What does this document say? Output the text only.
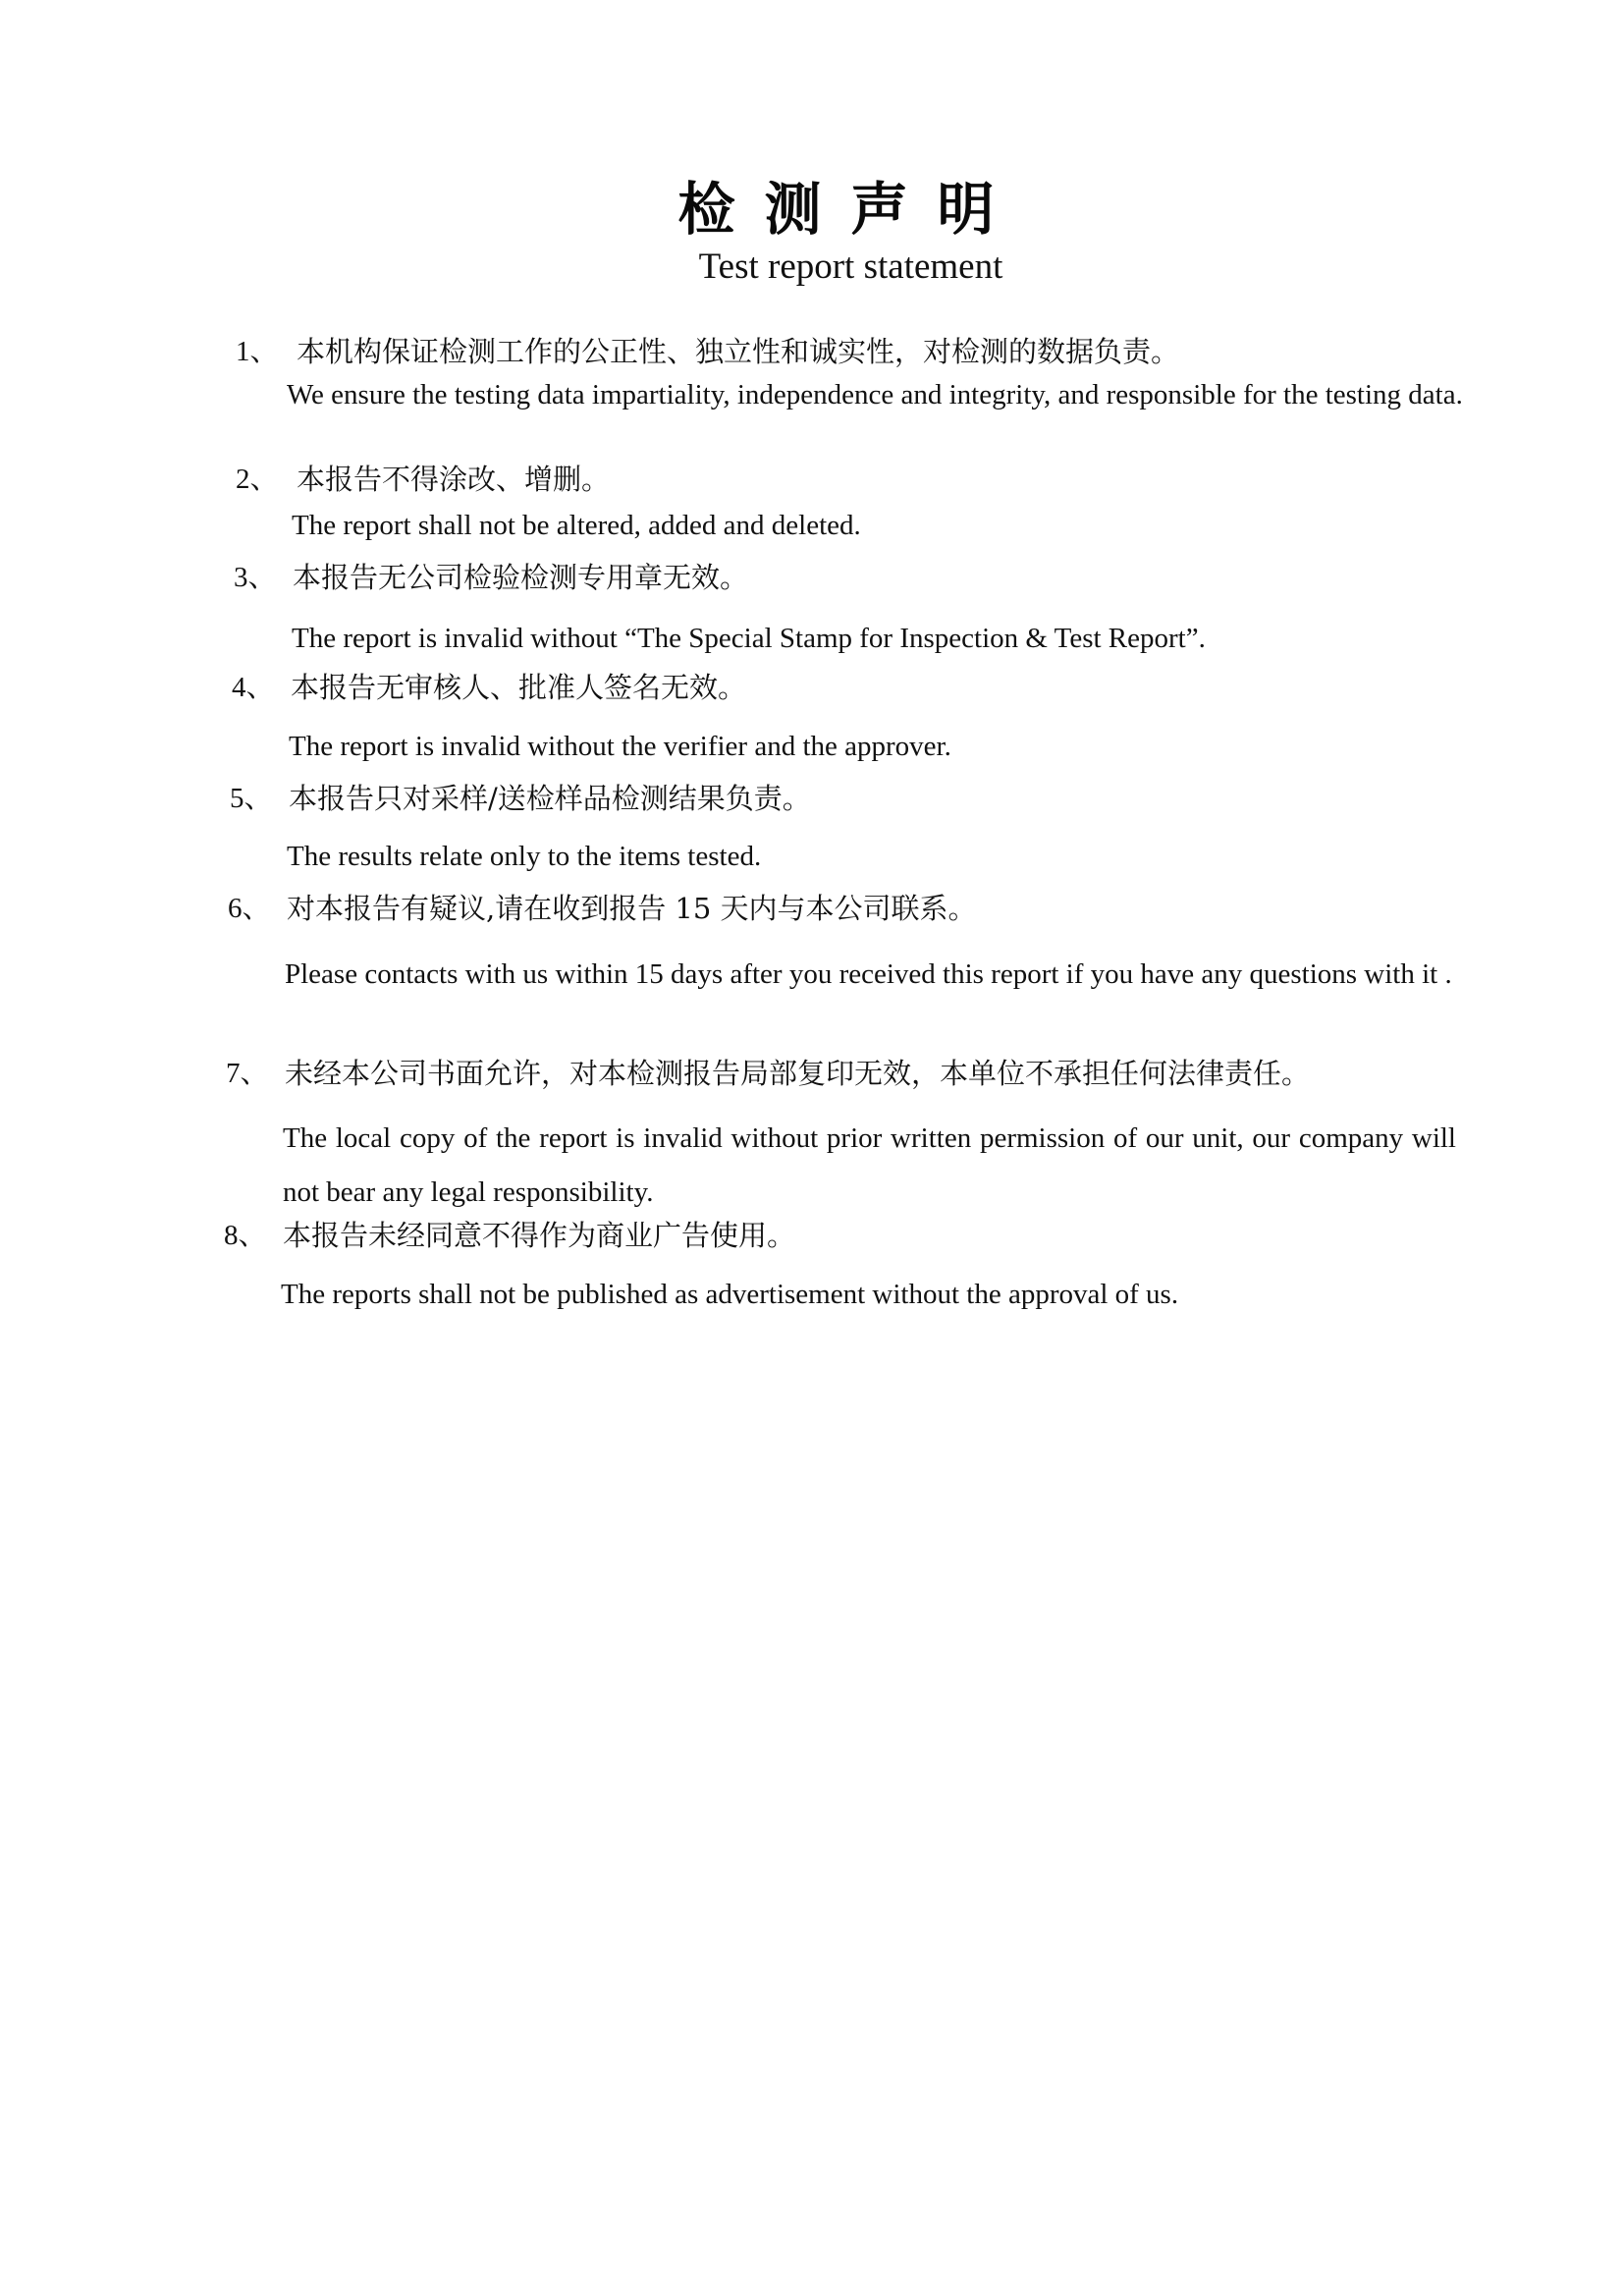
检测声明
Test report statement
1、 本机构保证检测工作的公正性、独立性和诚实性，对检测的数据负责。
We ensure the testing data impartiality, independence and integrity, and responsible for the testing data.
2、 本报告不得涂改、增删。
The report shall not be altered, added and deleted.
3、 本报告无公司检验检测专用章无效。
The report is invalid without “The Special Stamp for Inspection & Test Report”.
4、 本报告无审核人、批准人签名无效。
The report is invalid without the verifier and the approver.
5、 本报告只对采样/送检样品检测结果负责。
The results relate only to the items tested.
6、 对本报告有疑议,请在收到报告 15 天内与本公司联系。
Please contacts with us within 15 days after you received this report if you have any questions with it .
7、 未经本公司书面允许，对本检测报告局部复印无效，本单位不承担任何法律责任。
The local copy of the report is invalid without prior written permission of our unit, our company will not bear any legal responsibility.
8、 本报告未经同意不得作为商业广告使用。
The reports shall not be published as advertisement without the approval of us.
